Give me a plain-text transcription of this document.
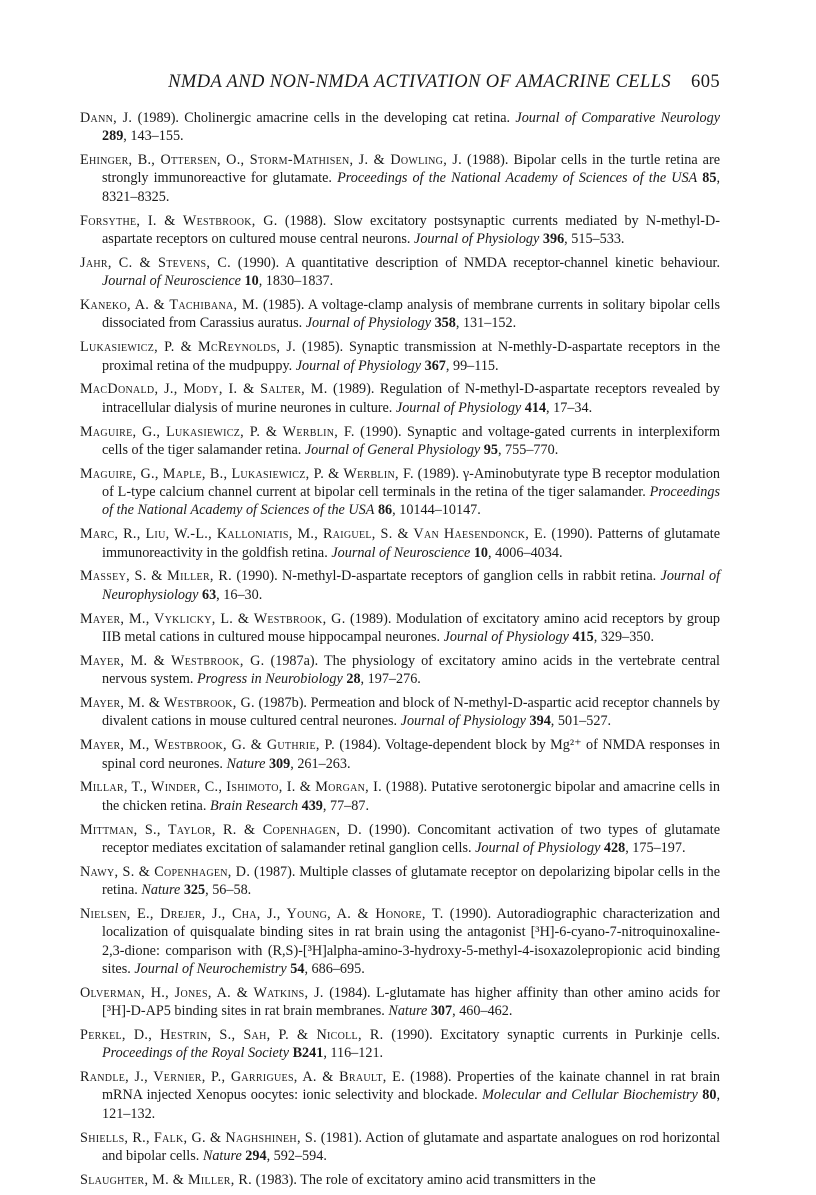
NMDA AND NON-NMDA ACTIVATION OF AMACRINE CELLS 605

Dann, J. (1989). Cholinergic amacrine cells in the developing cat retina. Journal of Comparative Neurology 289, 143–155.

Ehinger, B., Ottersen, O., Storm-Mathisen, J. & Dowling, J. (1988). Bipolar cells in the turtle retina are strongly immunoreactive for glutamate. Proceedings of the National Academy of Sciences of the USA 85, 8321–8325.

Forsythe, I. & Westbrook, G. (1988). Slow excitatory postsynaptic currents mediated by N-methyl-D-aspartate receptors on cultured mouse central neurons. Journal of Physiology 396, 515–533.

Jahr, C. & Stevens, C. (1990). A quantitative description of NMDA receptor-channel kinetic behaviour. Journal of Neuroscience 10, 1830–1837.

Kaneko, A. & Tachibana, M. (1985). A voltage-clamp analysis of membrane currents in solitary bipolar cells dissociated from Carassius auratus. Journal of Physiology 358, 131–152.

Lukasiewicz, P. & McReynolds, J. (1985). Synaptic transmission at N-methly-D-aspartate receptors in the proximal retina of the mudpuppy. Journal of Physiology 367, 99–115.

MacDonald, J., Mody, I. & Salter, M. (1989). Regulation of N-methyl-D-aspartate receptors revealed by intracellular dialysis of murine neurones in culture. Journal of Physiology 414, 17–34.

Maguire, G., Lukasiewicz, P. & Werblin, F. (1990). Synaptic and voltage-gated currents in interplexiform cells of the tiger salamander retina. Journal of General Physiology 95, 755–770.

Maguire, G., Maple, B., Lukasiewicz, P. & Werblin, F. (1989). γ-Aminobutyrate type B receptor modulation of L-type calcium channel current at bipolar cell terminals in the retina of the tiger salamander. Proceedings of the National Academy of Sciences of the USA 86, 10144–10147.

Marc, R., Liu, W.-L., Kalloniatis, M., Raiguel, S. & Van Haesendonck, E. (1990). Patterns of glutamate immunoreactivity in the goldfish retina. Journal of Neuroscience 10, 4006–4034.

Massey, S. & Miller, R. (1990). N-methyl-D-aspartate receptors of ganglion cells in rabbit retina. Journal of Neurophysiology 63, 16–30.

Mayer, M., Vyklicky, L. & Westbrook, G. (1989). Modulation of excitatory amino acid receptors by group IIB metal cations in cultured mouse hippocampal neurones. Journal of Physiology 415, 329–350.

Mayer, M. & Westbrook, G. (1987a). The physiology of excitatory amino acids in the vertebrate central nervous system. Progress in Neurobiology 28, 197–276.

Mayer, M. & Westbrook, G. (1987b). Permeation and block of N-methyl-D-aspartic acid receptor channels by divalent cations in mouse cultured central neurones. Journal of Physiology 394, 501–527.

Mayer, M., Westbrook, G. & Guthrie, P. (1984). Voltage-dependent block by Mg²⁺ of NMDA responses in spinal cord neurones. Nature 309, 261–263.

Millar, T., Winder, C., Ishimoto, I. & Morgan, I. (1988). Putative serotonergic bipolar and amacrine cells in the chicken retina. Brain Research 439, 77–87.

Mittman, S., Taylor, R. & Copenhagen, D. (1990). Concomitant activation of two types of glutamate receptor mediates excitation of salamander retinal ganglion cells. Journal of Physiology 428, 175–197.

Nawy, S. & Copenhagen, D. (1987). Multiple classes of glutamate receptor on depolarizing bipolar cells in the retina. Nature 325, 56–58.

Nielsen, E., Drejer, J., Cha, J., Young, A. & Honore, T. (1990). Autoradiographic characterization and localization of quisqualate binding sites in rat brain using the antagonist [³H]-6-cyano-7-nitroquinoxaline-2,3-dione: comparison with (R,S)-[³H]alpha-amino-3-hydroxy-5-methyl-4-isoxazolepropionic acid binding sites. Journal of Neurochemistry 54, 686–695.

Olverman, H., Jones, A. & Watkins, J. (1984). L-glutamate has higher affinity than other amino acids for [³H]-D-AP5 binding sites in rat brain membranes. Nature 307, 460–462.

Perkel, D., Hestrin, S., Sah, P. & Nicoll, R. (1990). Excitatory synaptic currents in Purkinje cells. Proceedings of the Royal Society B241, 116–121.

Randle, J., Vernier, P., Garrigues, A. & Brault, E. (1988). Properties of the kainate channel in rat brain mRNA injected Xenopus oocytes: ionic selectivity and blockade. Molecular and Cellular Biochemistry 80, 121–132.

Shiells, R., Falk, G. & Naghshineh, S. (1981). Action of glutamate and aspartate analogues on rod horizontal and bipolar cells. Nature 294, 592–594.

Slaughter, M. & Miller, R. (1983). The role of excitatory amino acid transmitters in the
